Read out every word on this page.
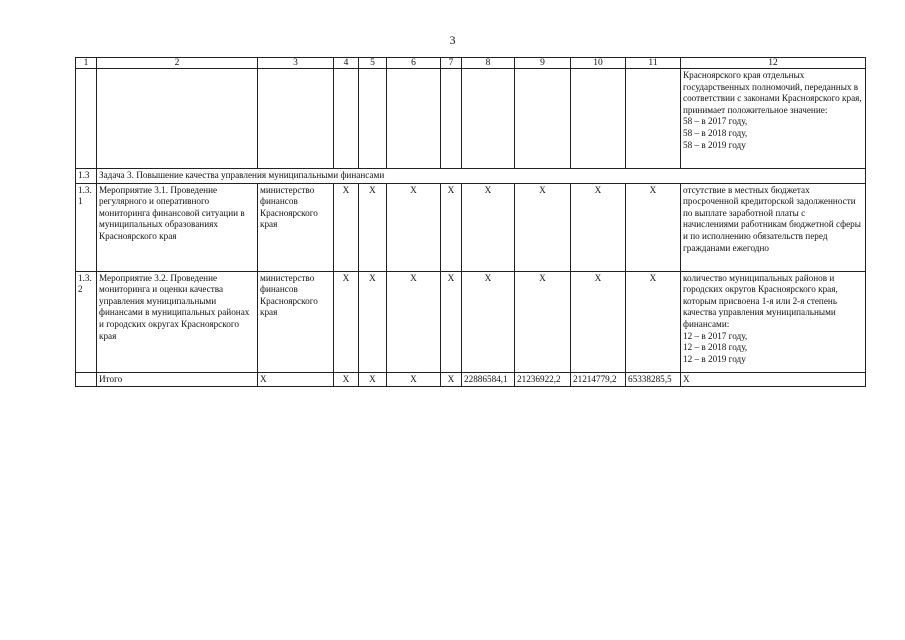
3
1	2	3	4	5	6	7	8	9	10	11	12
											Красноярского края отдельных государственных полномочий, переданных в соответствии с законами Красноярского края, принимает положительное значение:
58 – в 2017 году,
58 – в 2018 году,
58 – в 2019 году
1.3	Задача 3. Повышение качества управления муниципальными финансами										
1.3.1	Мероприятие 3.1. Проведение регулярного и оперативного мониторинга финансовой ситуации в муниципальных образованиях Красноярского края	министерство финансов Красноярского края	Х	Х	Х	Х	Х	Х	Х	Х	отсутствие в местных бюджетах просроченной кредиторской задолженности по выплате заработной платы с начислениями работникам бюджетной сферы и по исполнению обязательств перед гражданами ежегодно
1.3.2	Мероприятие 3.2. Проведение мониторинга и оценки качества управления муниципальными финансами в муниципальных районах и городских округах Красноярского края	министерство финансов Красноярского края	Х	Х	Х	Х	Х	Х	Х	Х	количество муниципальных районов и городских округов Красноярского края, которым присвоена 1-я или 2-я степень качества управления муниципальными финансами:
12 – в 2017 году,
12 – в 2018 году,
12 – в 2019 году
	Итого	Х	Х	Х	Х	Х	22886584,1	21236922,2	21214779,2	65338285,5	Х
